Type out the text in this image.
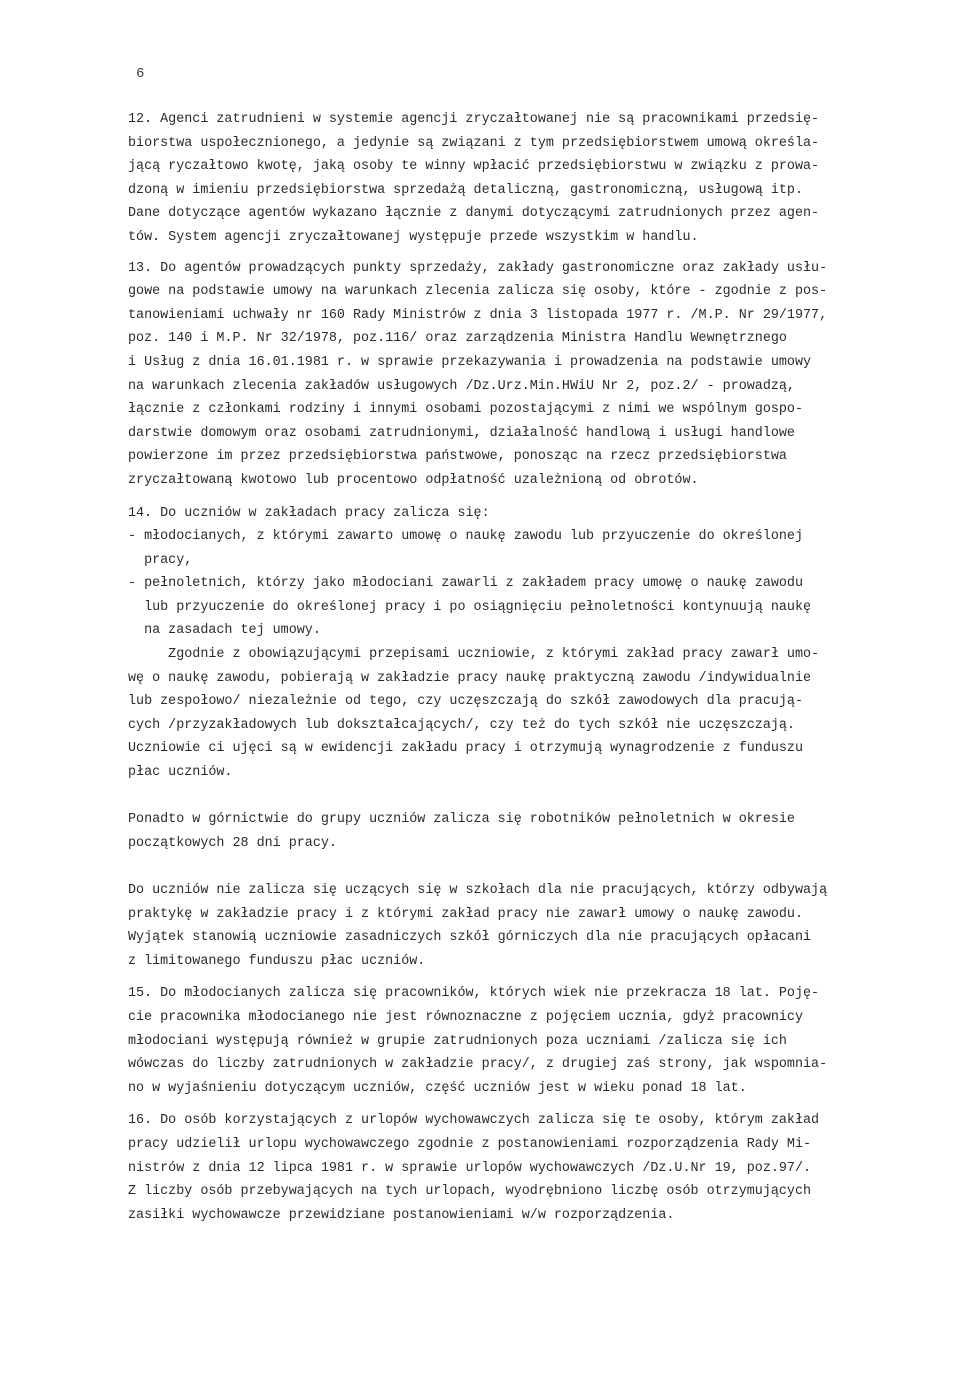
6
12. Agenci zatrudnieni w systemie agencji zryczałtowanej nie są pracownikami przedsię-
biorstwa uspołecznionego, a jedynie są związani z tym przedsiębiorstwem umową określa-
jącą ryczałtowo kwotę, jaką osoby te winny wpłacić przedsiębiorstwu w związku z prowa-
dzoną w imieniu przedsiębiorstwa sprzedażą detaliczną, gastronomiczną, usługową itp.
Dane dotyczące agentów wykazano łącznie z danymi dotyczącymi zatrudnionych przez agen-
tów. System agencji zryczałtowanej występuje przede wszystkim w handlu.
13. Do agentów prowadzących punkty sprzedaży, zakłady gastronomiczne oraz zakłady usłu-
gowe na podstawie umowy na warunkach zlecenia zalicza się osoby, które - zgodnie z pos-
tanowieniami uchwały nr 160 Rady Ministrów z dnia 3 listopada 1977 r. /M.P. Nr 29/1977,
poz. 140 i M.P. Nr 32/1978, poz.116/ oraz zarządzenia Ministra Handlu Wewnętrznego
i Usług z dnia 16.01.1981 r. w sprawie przekazywania i prowadzenia na podstawie umowy
na warunkach zlecenia zakładów usługowych /Dz.Urz.Min.HWiU Nr 2, poz.2/ - prowadzą,
łącznie z członkami rodziny i innymi osobami pozostającymi z nimi we wspólnym gospo-
darstwie domowym oraz osobami zatrudnionymi, działalność handlową i usługi handlowe
powierzone im przez przedsiębiorstwa państwowe, ponosząc na rzecz przedsiębiorstwa
zryczałtowaną kwotowo lub procentowo odpłatność uzależnioną od obrotów.
14. Do uczniów w zakładach pracy zalicza się:
- młodocianych, z którymi zawarto umowę o naukę zawodu lub przyuczenie do określonej
pracy,
- pełnoletnich, którzy jako młodociani zawarli z zakładem pracy umowę o naukę zawodu
lub przyuczenie do określonej pracy i po osiągnięciu pełnoletności kontynuują naukę
na zasadach tej umowy.
Zgodnie z obowiązującymi przepisami uczniowie, z którymi zakład pracy zawarł umo-
wę o naukę zawodu, pobierają w zakładzie pracy naukę praktyczną zawodu /indywidualnie
lub zespołowo/ niezależnie od tego, czy uczęszczają do szkół zawodowych dla pracują-
cych /przyzakładowych lub dokształcających/, czy też do tych szkół nie uczęszczają.
Uczniowie ci ujęci są w ewidencji zakładu pracy i otrzymują wynagrodzenie z funduszu
płac uczniów.
Ponadto w górnictwie do grupy uczniów zalicza się robotników pełnoletnich w okresie
początkowych 28 dni pracy.
Do uczniów nie zalicza się uczących się w szkołach dla nie pracujących, którzy odbywają
praktykę w zakładzie pracy i z którymi zakład pracy nie zawarł umowy o naukę zawodu.
Wyjątek stanowią uczniowie zasadniczych szkół górniczych dla nie pracujących opłacani
z limitowanego funduszu płac uczniów.
15. Do młodocianych zalicza się pracowników, których wiek nie przekracza 18 lat. Poję-
cie pracownika młodocianego nie jest równoznaczne z pojęciem ucznia, gdyż pracownicy
młodociani występują również w grupie zatrudnionych poza uczniami /zalicza się ich
wówczas do liczby zatrudnionych w zakładzie pracy/, z drugiej zaś strony, jak wspomnia-
no w wyjaśnieniu dotyczącym uczniów, część uczniów jest w wieku ponad 18 lat.
16. Do osób korzystających z urlopów wychowawczych zalicza się te osoby, którym zakład
pracy udzielił urlopu wychowawczego zgodnie z postanowieniami rozporządzenia Rady Mi-
nistrów z dnia 12 lipca 1981 r. w sprawie urlopów wychowawczych /Dz.U.Nr 19, poz.97/.
Z liczby osób przebywających na tych urlopach, wyodrębniono liczbę osób otrzymujących
zasiłki wychowawcze przewidziane postanowieniami w/w rozporządzenia.
